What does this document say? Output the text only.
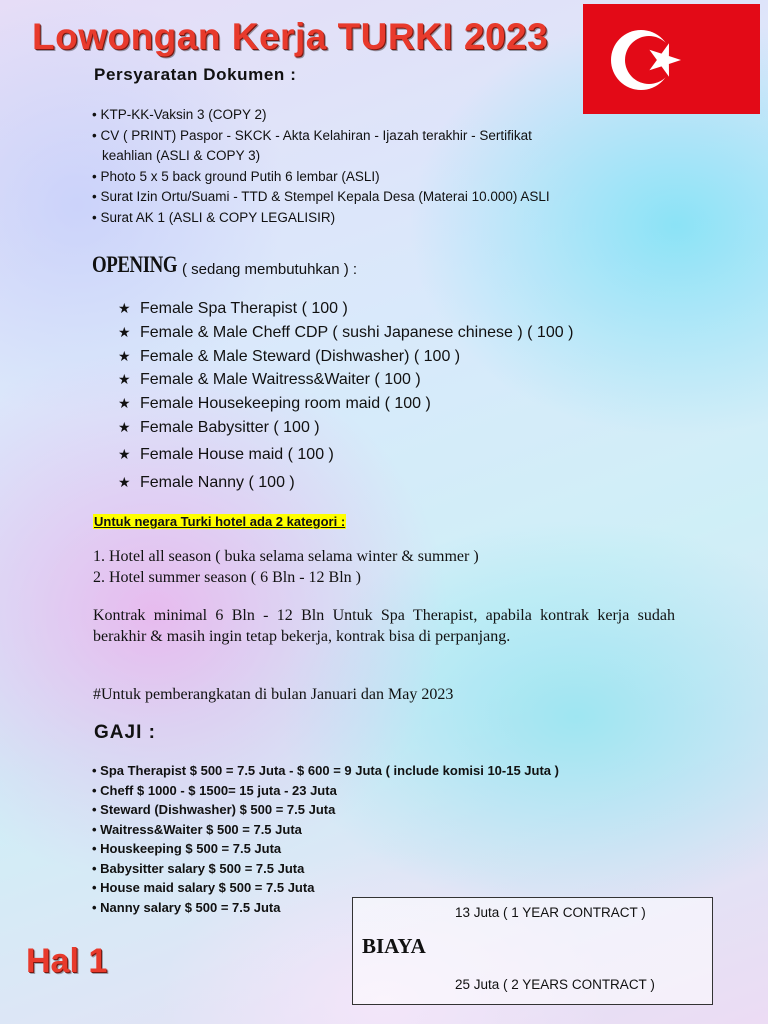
Lowongan Kerja TURKI 2023
Persyaratan Dokumen :
• KTP-KK-Vaksin 3 (COPY 2)
• CV ( PRINT) Paspor - SKCK - Akta Kelahiran - Ijazah terakhir - Sertifikat
keahlian (ASLI & COPY 3)
• Photo 5 x 5 back ground Putih 6 lembar (ASLI)
• Surat Izin Ortu/Suami - TTD & Stempel Kepala Desa (Materai 10.000) ASLI
• Surat AK 1 (ASLI & COPY LEGALISIR)
OPENING ( sedang membutuhkan ) :
★ Female Spa Therapist ( 100 )
★ Female & Male Cheff CDP ( sushi Japanese chinese ) ( 100 )
★ Female & Male Steward (Dishwasher) ( 100 )
★ Female & Male Waitress&Waiter ( 100 )
★ Female Housekeeping room maid ( 100 )
★ Female Babysitter ( 100 )
★ Female House maid ( 100 )
★ Female Nanny ( 100 )
Untuk negara Turki hotel ada 2 kategori :
1. Hotel all season ( buka selama selama winter & summer )
2. Hotel summer season ( 6 Bln - 12 Bln )
Kontrak minimal 6 Bln - 12 Bln Untuk Spa Therapist, apabila kontrak kerja sudah berakhir & masih ingin tetap bekerja, kontrak bisa di perpanjang.
#Untuk pemberangkatan di bulan Januari dan May 2023
GAJI :
• Spa Therapist $ 500 = 7.5 Juta - $ 600 = 9 Juta ( include komisi 10-15 Juta )
• Cheff $ 1000 - $ 1500= 15 juta - 23 Juta
• Steward (Dishwasher) $ 500 = 7.5 Juta
• Waitress&Waiter $ 500 = 7.5 Juta
• Houskeeping $ 500 = 7.5 Juta
• Babysitter salary $ 500 = 7.5 Juta
• House maid salary $ 500 = 7.5 Juta
• Nanny salary $ 500 = 7.5 Juta
BIAYA
13 Juta ( 1 YEAR CONTRACT )
25 Juta ( 2 YEARS CONTRACT )
Hal 1
